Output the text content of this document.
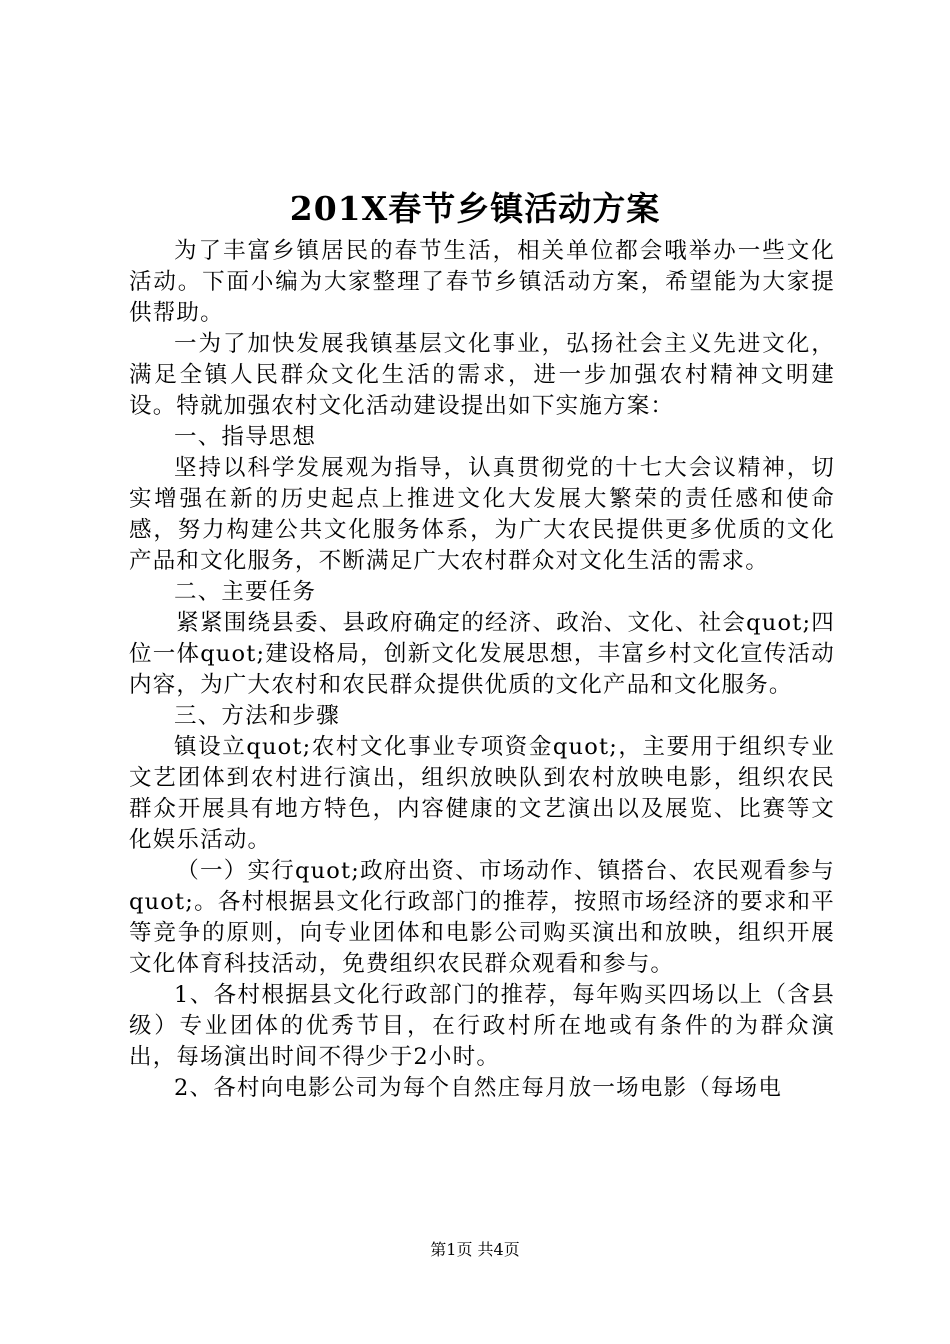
201X春节乡镇活动方案

为了丰富乡镇居民的春节生活，相关单位都会哦举办一些文化活动。下面小编为大家整理了春节乡镇活动方案，希望能为大家提供帮助。

一为了加快发展我镇基层文化事业，弘扬社会主义先进文化，满足全镇人民群众文化生活的需求，进一步加强农村精神文明建设。特就加强农村文化活动建设提出如下实施方案：

一、指导思想

坚持以科学发展观为指导，认真贯彻党的十七大会议精神，切实增强在新的历史起点上推进文化大发展大繁荣的责任感和使命感，努力构建公共文化服务体系，为广大农民提供更多优质的文化产品和文化服务，不断满足广大农村群众对文化生活的需求。

二、主要任务

紧紧围绕县委、县政府确定的经济、政治、文化、社会quot;四位一体quot;建设格局，创新文化发展思想，丰富乡村文化宣传活动内容，为广大农村和农民群众提供优质的文化产品和文化服务。

三、方法和步骤

镇设立quot;农村文化事业专项资金quot;，主要用于组织专业文艺团体到农村进行演出，组织放映队到农村放映电影，组织农民群众开展具有地方特色，内容健康的文艺演出以及展览、比赛等文化娱乐活动。

（一）实行quot;政府出资、市场动作、镇搭台、农民观看参与quot;。各村根据县文化行政部门的推荐，按照市场经济的要求和平等竞争的原则，向专业团体和电影公司购买演出和放映，组织开展文化体育科技活动，免费组织农民群众观看和参与。

1、各村根据县文化行政部门的推荐，每年购买四场以上（含县级）专业团体的优秀节目，在行政村所在地或有条件的为群众演出，每场演出时间不得少于2小时。

2、各村向电影公司为每个自然庄每月放一场电影（每场电

第1页 共4页
